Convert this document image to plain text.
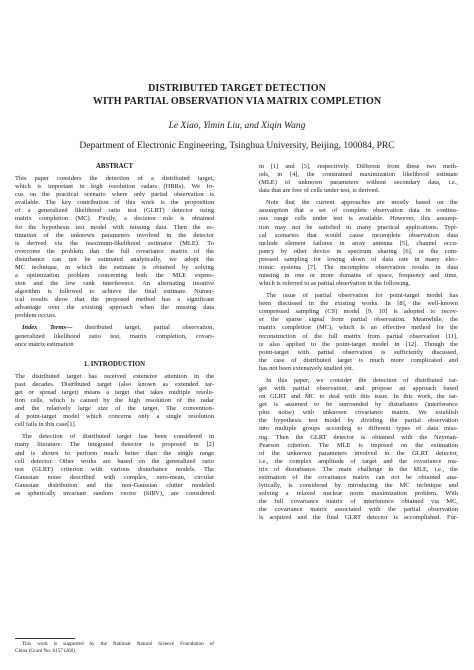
DISTRIBUTED TARGET DETECTION
WITH PARTIAL OBSERVATION VIA MATRIX COMPLETION
Le Xiao, Yimin Liu, and Xiqin Wang
Department of Electronic Engineering, Tsinghua University, Beijing, 100084, PRC
ABSTRACT
This paper considers the detection of a distributed target,
which is important in high resolution radars (HRRs). We fo-
cus on the practical scenario where only partial observation is
available. The key contribution of this work is the proposition
of a generalized likelihood ratio test (GLRT) detector using
matrix completion (MC). Firstly, a decision rule is obtained
for the hypothesis test model with missing data. Then the es-
timation of the unknown parameters involved in the detector
is derived via the maximum-likelihood estimator (MLE). To
overcome the problem that the full covariance matrix of the
disturbance can not be estimated analytically, we adopt the
MC technique, in which the estimate is obtained by solving
a optimization problem concerning both the MLE expres-
sion and the low rank interference. An alternating iterative
algorithm is followed to achieve the final estimate. Numer-
ical results show that the proposed method has a significant
advantage over the existing approach when the missing data
problem occurs.
Index Terms— distributed target, partial observation,
generalized likelihood ratio test, matrix completion, covari-
ance matrix estimation
1. INTRODUCTION
The distributed target has received extensive attention in the
past decades. Distributed target (also known as extended tar-
get or spread target) means a target that takes multiple resolu-
tion cells, which is caused by the high resolution of the radar
and the relatively large size of the target. The convention-
al point-target model which concerns only a single resolution
cell fails in this case[1].
The detection of distributed target has been considered in
many literature. The integrated detector is proposed in [2]
and is shown to perform much better than the single range
cell detector. Other works are based on the generalized ratio
test (GLRT) criterion with various disturbance models. The
Gaussian noise described with complex, zero-mean, circular
Gaussian distribution and the non-Gaussian clutter modeled
as spherically invariant random vector (SIRV), are considered
This work is supported by the National Natural Science Foundation of
China (Grant No. 61571260).
in [1] and [3], respectively. Different from these two meth-
ods, in [4], the constrained maximization likelihood estimate
(MLE) of unknown parameters without secondary data, i.e.,
data that are free of cells under test, is derived.
Note that the current approaches are mostly based on the
assumption that a set of complete observation data in continu-
ous range cells under test is available. However, this assump-
tion may not be satisfied in many practical applications. Typi-
cal scenarios that would cause incomplete observation data
include element failures in array antenna [5], channel occu-
pancy by other device in spectrum sharing [6], or the com-
pressed sampling for lowing down of data rate in many elec-
tronic systems [7]. The incomplete observation results in data
missing in one or more domains of space, frequency and time,
which is referred to as partial observation in the following.
The issue of partial observation for point-target model has
been discussed in the existing works. In [8], the well-known
compressed sampling (CS) model [9, 10] is adopted to recov-
er the sparse signal from partial observation. Meanwhile, the
matrix completion (MC), which is an effective method for the
reconstruction of the full matrix from partial observation [11],
is also applied to the point-target model in [12]. Though the
point-target with partial observation is sufficiently discussed,
the case of distributed target is much more complicated and
has not been extensively studied yet.
In this paper, we consider the detection of distributed tar-
get with partial observation, and propose an approach based
on GLRT and MC to deal with this issue. In this work, the tar-
get is assumed to be surrounded by disturbance (interference
plus noise) with unknown covariance matrix. We establish
the hypothesis test model by dividing the partial observation
into multiple groups according to different types of data miss-
ing. Then the GLRT detector is obtained with the Neyman-
Pearson criterion. The MLE is imposed on the estimation
of the unknown parameters involved in the GLRT detector,
i.e., the complex amplitude of target and the covariance ma-
trix of disturbance. The main challenge in the MLE, i.e., the
estimation of the covariance matrix can not be obtained ana-
lytically, is considered by introducing the MC technique and
solving a relaxed nuclear norm maximization problem. With
the full covariance matrix of interference obtained via MC,
the covariance matrix associated with the partial observation
is acquired and the final GLRT detector is accomplished. Fur-
